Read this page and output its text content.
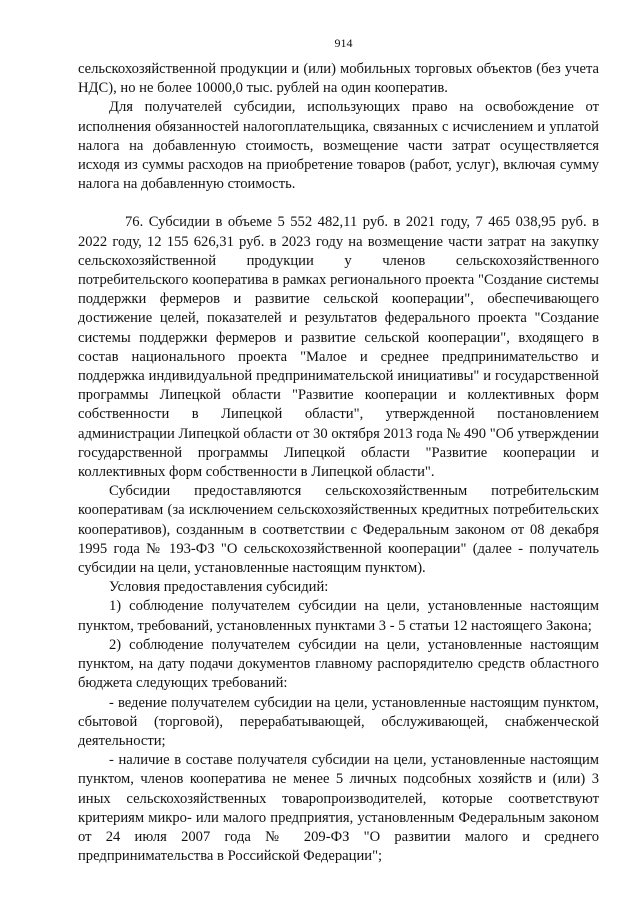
914

сельскохозяйственной продукции и (или) мобильных торговых объектов (без учета НДС), но не более 10000,0 тыс. рублей на один кооператив.

Для получателей субсидии, использующих право на освобождение от исполнения обязанностей налогоплательщика, связанных с исчислением и уплатой налога на добавленную стоимость, возмещение части затрат осуществляется исходя из суммы расходов на приобретение товаров (работ, услуг), включая сумму налога на добавленную стоимость.

76. Субсидии в объеме 5 552 482,11 руб. в 2021 году, 7 465 038,95 руб. в 2022 году, 12 155 626,31 руб. в 2023 году на возмещение части затрат на закупку сельскохозяйственной продукции у членов сельскохозяйственного потребительского кооператива в рамках регионального проекта "Создание системы поддержки фермеров и развитие сельской кооперации", обеспечивающего достижение целей, показателей и результатов федерального проекта "Создание системы поддержки фермеров и развитие сельской кооперации", входящего в состав национального проекта "Малое и среднее предпринимательство и поддержка индивидуальной предпринимательской инициативы" и государственной программы Липецкой области "Развитие кооперации и коллективных форм собственности в Липецкой области", утвержденной постановлением администрации Липецкой области от 30 октября 2013 года № 490 "Об утверждении государственной программы Липецкой области "Развитие кооперации и коллективных форм собственности в Липецкой области".

Субсидии предоставляются сельскохозяйственным потребительским кооперативам (за исключением сельскохозяйственных кредитных потребительских кооперативов), созданным в соответствии с Федеральным законом от 08 декабря 1995 года № 193-ФЗ "О сельскохозяйственной кооперации" (далее - получатель субсидии на цели, установленные настоящим пунктом).

Условия предоставления субсидий:

1) соблюдение получателем субсидии на цели, установленные настоящим пунктом, требований, установленных пунктами 3 - 5 статьи 12 настоящего Закона;

2) соблюдение получателем субсидии на цели, установленные настоящим пунктом, на дату подачи документов главному распорядителю средств областного бюджета следующих требований:

- ведение получателем субсидии на цели, установленные настоящим пунктом, сбытовой (торговой), перерабатывающей, обслуживающей, снабженческой деятельности;

- наличие в составе получателя субсидии на цели, установленные настоящим пунктом, членов кооператива не менее 5 личных подсобных хозяйств и (или) 3 иных сельскохозяйственных товаропроизводителей, которые соответствуют критериям микро- или малого предприятия, установленным Федеральным законом от 24 июля 2007 года № 209-ФЗ "О развитии малого и среднего предпринимательства в Российской Федерации";
